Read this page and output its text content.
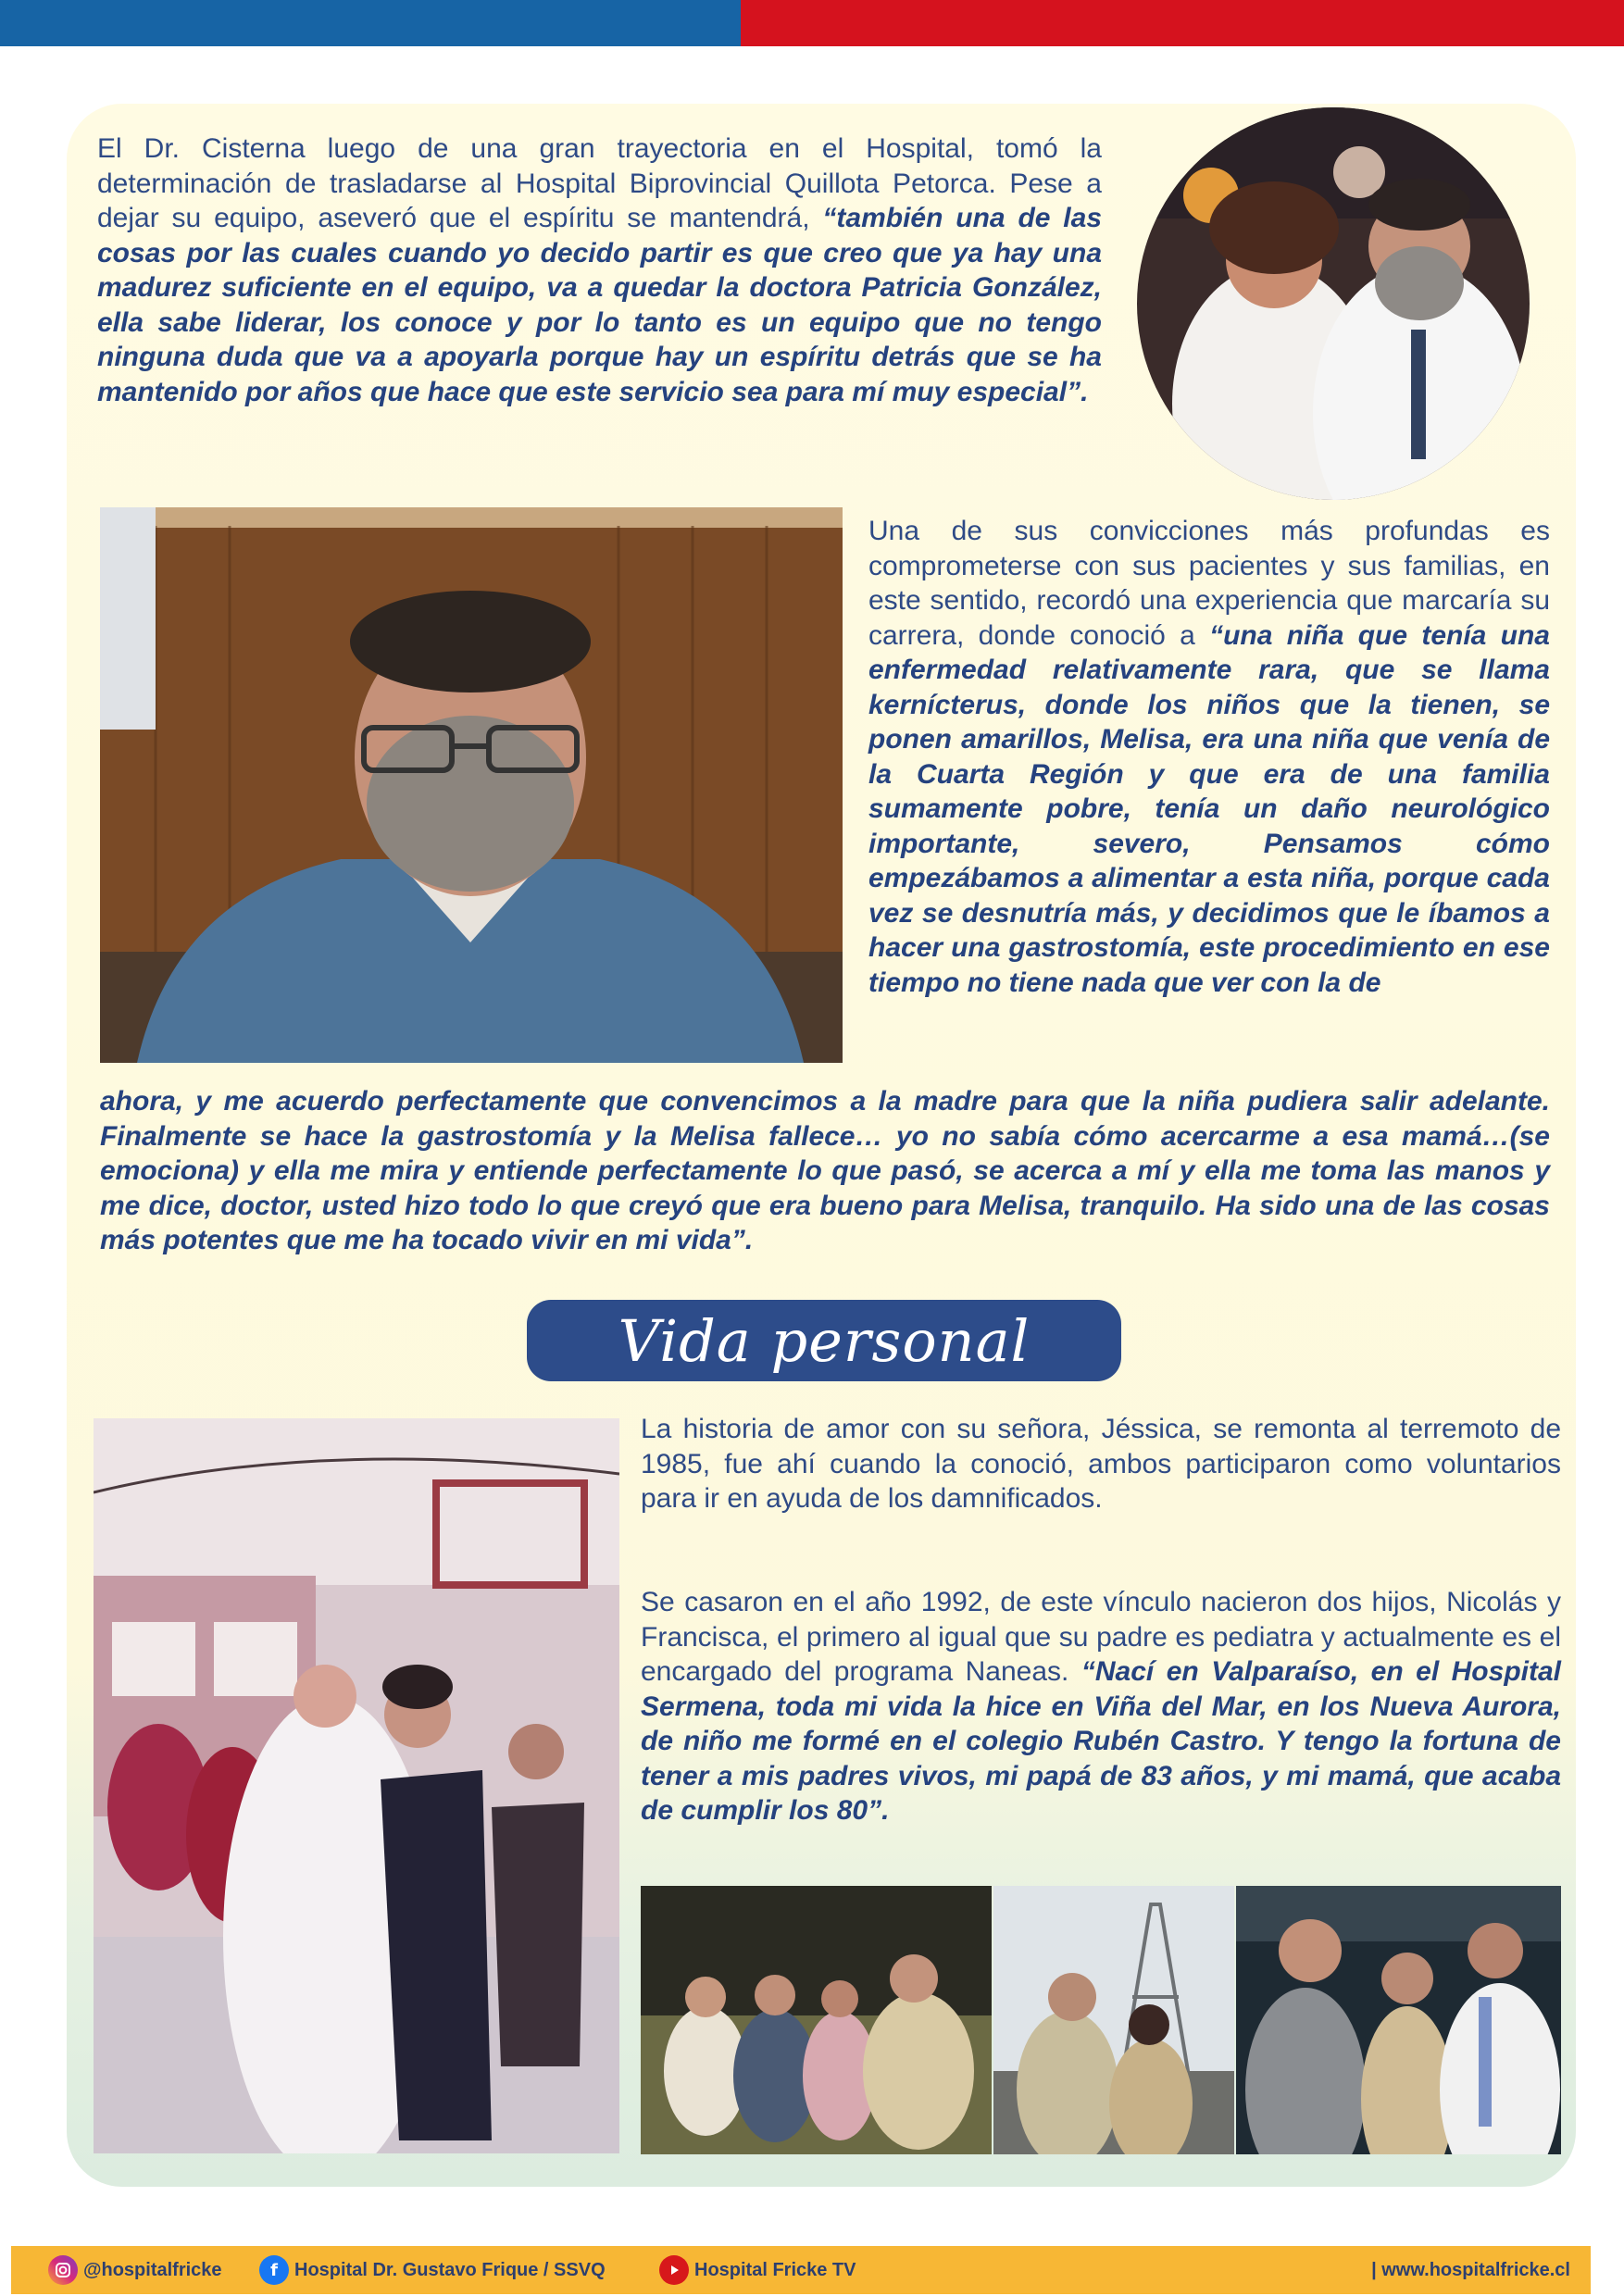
El Dr. Cisterna luego de una gran trayectoria en el Hospital, tomó la determinación de trasladarse al Hospital Biprovincial Quillota Petorca. Pese a dejar su equipo, aseveró que el espíritu se mantendrá, “también una de las cosas por las cuales cuando yo decido partir es que creo que ya hay una madurez suficiente en el equipo, va a quedar la doctora Patricia González, ella sabe liderar, los conoce y por lo tanto es un equipo que no tengo ninguna duda que va a apoyarla porque hay un espíritu detrás que se ha mantenido por años que hace que este servicio sea para mí muy especial”.
Una de sus convicciones más profundas es comprometerse con sus pacientes y sus familias, en este sentido, recordó una experiencia que marcaría su carrera, donde conoció a “una niña que tenía una enfermedad relativamente rara, que se llama kernícterus, donde los niños que la tienen, se ponen amarillos, Melisa, era una niña que venía de la Cuarta Región y que era de una familia sumamente pobre, tenía un daño neurológico importante, severo, Pensamos cómo empezábamos a alimentar a esta niña, porque cada vez se desnutría más, y decidimos que le íbamos a hacer una gastrostomía, este procedimiento en ese tiempo no tiene nada que ver con la de
ahora, y me acuerdo perfectamente que convencimos a la madre para que la niña pudiera salir adelante. Finalmente se hace la gastrostomía y la Melisa fallece… yo no sabía cómo acercarme a esa mamá…(se emociona) y ella me mira y entiende perfectamente lo que pasó, se acerca a mí y ella me toma las manos y me dice, doctor, usted hizo todo lo que creyó que era bueno para Melisa, tranquilo. Ha sido una de las cosas más potentes que me ha tocado vivir en mi vida”.
Vida personal
La historia de amor con su señora, Jéssica, se remonta al terremoto de 1985, fue ahí cuando la conoció, ambos participaron como voluntarios para ir en ayuda de los damnificados.
Se casaron en el año 1992, de este vínculo nacieron dos hijos, Nicolás y Francisca, el primero al igual que su padre es pediatra y actualmente es el encargado del programa Naneas. “Nací en Valparaíso, en el Hospital Sermena, toda mi vida la hice en Viña del Mar, en los Nueva Aurora, de niño me formé en el colegio Rubén Castro. Y tengo la fortuna de tener a mis padres vivos, mi papá de 83 años, y mi mamá, que acaba de cumplir los 80”.
@hospitalfricke	f Hospital Dr. Gustavo Frique / SSVQ	Hospital Fricke TV	| www.hospitalfricke.cl
